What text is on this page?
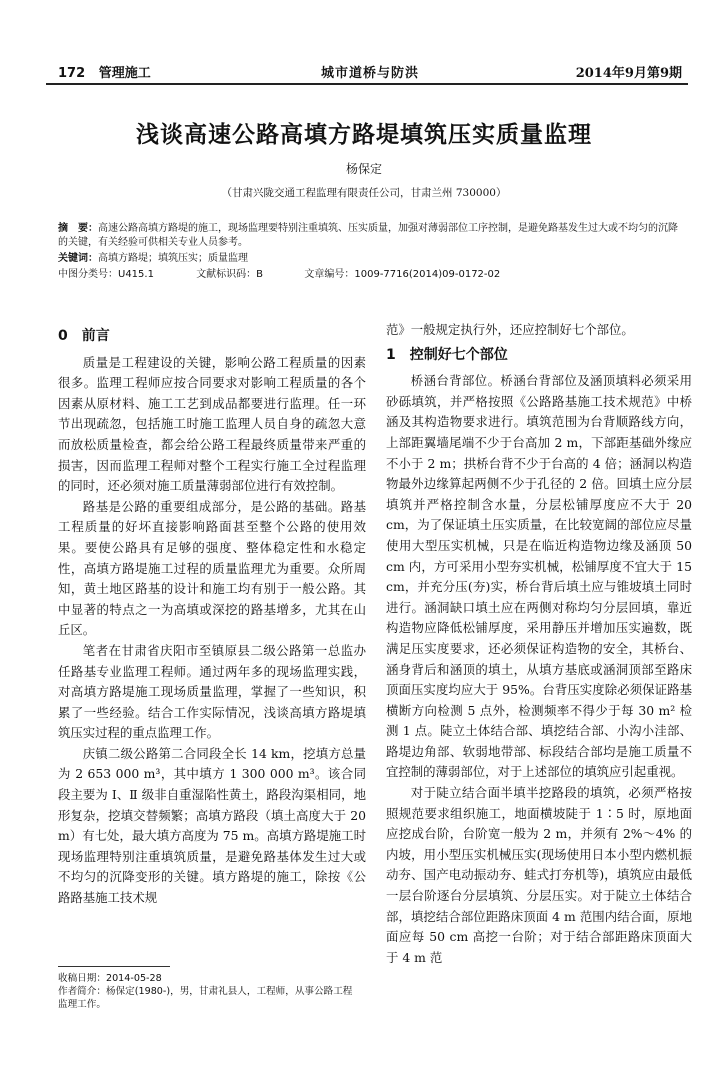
172 管理施工	城市道桥与防洪	2014年9月第9期
浅谈高速公路高填方路堤填筑压实质量监理
杨保定
（甘肃兴陇交通工程监理有限责任公司，甘肃兰州 730000）
摘　要：高速公路高填方路堤的施工，现场监理要特别注重填筑、压实质量，加强对薄弱部位工序控制，是避免路基发生过大或不均匀的沉降的关键，有关经验可供相关专业人员参考。
关键词：高填方路堤；填筑压实；质量监理
中图分类号：U415.1	文献标识码：B	文章编号：1009-7716(2014)09-0172-02
0　前言

质量是工程建设的关键，影响公路工程质量的因素很多。监理工程师应按合同要求对影响工程质量的各个因素从原材料、施工工艺到成品都要进行监理。任一环节出现疏忽，包括施工时施工监理人员自身的疏忽大意而放松质量检查，都会给公路工程最终质量带来严重的损害，因而监理工程师对整个工程实行施工全过程监理的同时，还必须对施工质量薄弱部位进行有效控制。

路基是公路的重要组成部分，是公路的基础。路基工程质量的好坏直接影响路面甚至整个公路的使用效果。要使公路具有足够的强度、整体稳定性和水稳定性，高填方路堤施工过程的质量监理尤为重要。众所周知，黄土地区路基的设计和施工均有别于一般公路。其中显著的特点之一为高填或深挖的路基增多，尤其在山丘区。

笔者在甘肃省庆阳市至镇原县二级公路第一总监办任路基专业监理工程师。通过两年多的现场监理实践，对高填方路堤施工现场质量监理，掌握了一些知识，积累了一些经验。结合工作实际情况，浅谈高填方路堤填筑压实过程的重点监理工作。

庆镇二级公路第二合同段全长 14 km，挖填方总量为 2 653 000 m³，其中填方 1 300 000 m³。该合同段主要为 Ⅰ、Ⅱ 级非自重湿陷性黄土，路段沟渠相同，地形复杂，挖填交替频繁；高填方路段（填土高度大于 20 m）有七处，最大填方高度为 75 m。高填方路堤施工时现场监理特别注重填筑质量，是避免路基体发生过大或不均匀的沉降变形的关键。填方路堤的施工，除按《公路路基施工技术规

范》一般规定执行外，还应控制好七个部位。

1　控制好七个部位

桥涵台背部位。桥涵台背部位及涵顶填料必须采用砂砾填筑，并严格按照《公路路基施工技术规范》中桥涵及其构造物要求进行。填筑范围为台背顺路线方向，上部距翼墙尾端不少于台高加 2 m，下部距基础外缘应不小于 2 m；拱桥台背不少于台高的 4 倍；涵洞以构造物最外边缘算起两侧不少于孔径的 2 倍。回填土应分层填筑并严格控制含水量，分层松铺厚度应不大于 20 cm，为了保证填土压实质量，在比较宽阔的部位应尽量使用大型压实机械，只是在临近构造物边缘及涵顶 50 cm 内，方可采用小型夯实机械，松铺厚度不宜大于 15 cm，并充分压(夯)实，桥台背后填土应与锥坡填土同时进行。涵洞缺口填土应在两侧对称均匀分层回填，靠近构造物应降低松铺厚度，采用静压并增加压实遍数，既满足压实度要求，还必须保证构造物的安全，其桥台、涵身背后和涵顶的填土，从填方基底或涵洞顶部至路床顶面压实度均应大于 95%。台背压实度除必须保证路基横断方向检测 5 点外，检测频率不得少于每 30 m² 检测 1 点。陡立土体结合部、填挖结合部、小沟小洼部、路堤边角部、软弱地带部、标段结合部均是施工质量不宜控制的薄弱部位，对于上述部位的填筑应引起重视。

对于陡立结合面半填半挖路段的填筑，必须严格按照规范要求组织施工，地面横坡陡于 1∶5 时，原地面应挖成台阶，台阶宽一般为 2 m，并须有 2%～4% 的内坡，用小型压实机械压实(现场使用日本小型内燃机振动夯、国产电动振动夯、蛙式打夯机等)，填筑应由最低一层台阶逐台分层填筑、分层压实。对于陡立土体结合部，填挖结合部位距路床顶面 4 m 范围内结合面，原地面应每 50 cm 高挖一台阶；对于结合部距路床顶面大于 4 m 范

收稿日期：2014-05-28
作者简介：杨保定(1980-)，男，甘肃礼县人，工程师，从事公路工程监理工作。
